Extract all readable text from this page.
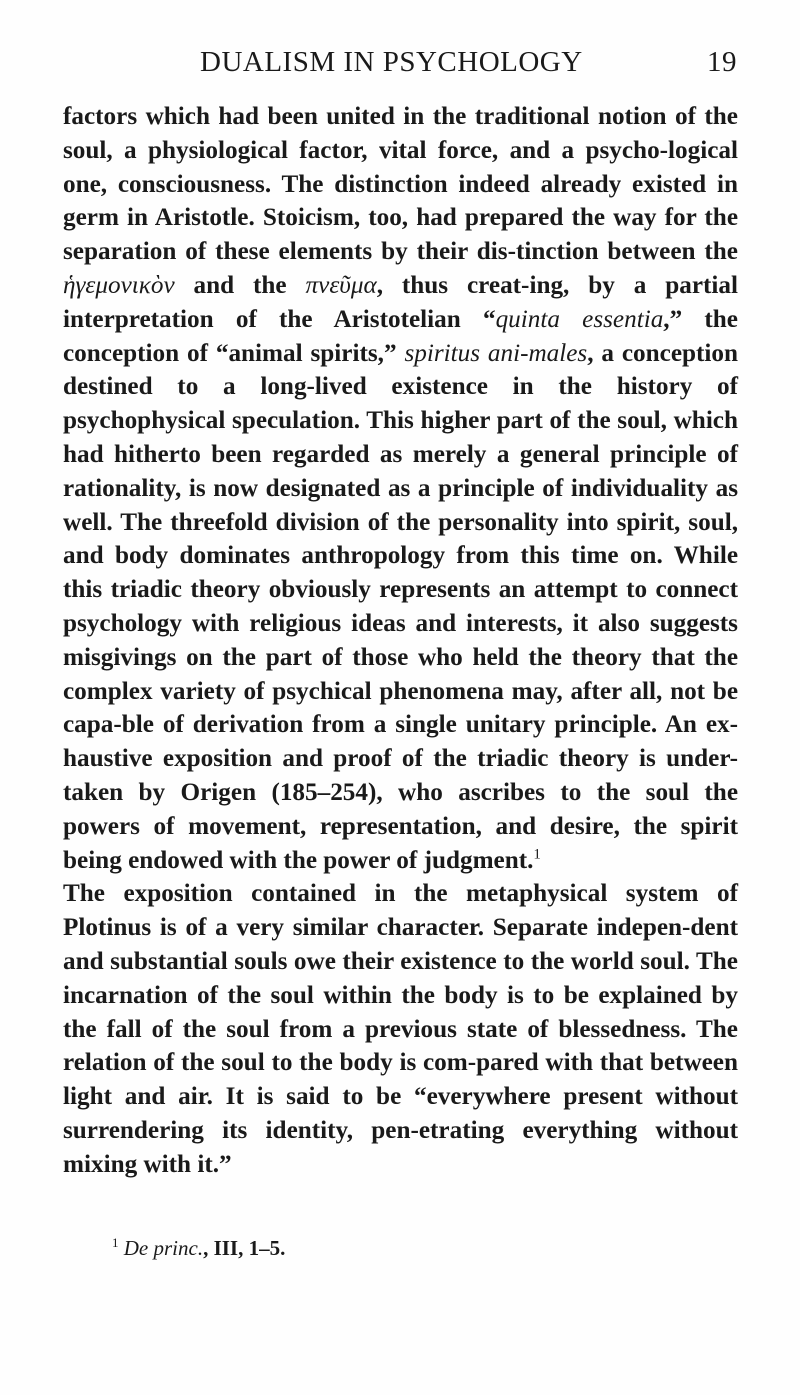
DUALISM IN PSYCHOLOGY	19

factors which had been united in the traditional notion of the soul, a physiological factor, vital force, and a psycho-logical one, consciousness. The distinction indeed already existed in germ in Aristotle. Stoicism, too, had prepared the way for the separation of these elements by their dis-tinction between the ἡγεμονικὸν and the πνεῦμα, thus creat-ing, by a partial interpretation of the Aristotelian “quinta essentia,” the conception of “animal spirits,” spiritus ani-males, a conception destined to a long-lived existence in the history of psychophysical speculation. This higher part of the soul, which had hitherto been regarded as merely a general principle of rationality, is now designated as a principle of individuality as well. The threefold division of the personality into spirit, soul, and body dominates anthropology from this time on. While this triadic theory obviously represents an attempt to connect psychology with religious ideas and interests, it also suggests misgivings on the part of those who held the theory that the complex variety of psychical phenomena may, after all, not be capa-ble of derivation from a single unitary principle. An ex-haustive exposition and proof of the triadic theory is under-taken by Origen (185–254), who ascribes to the soul the powers of movement, representation, and desire, the spirit being endowed with the power of judgment.$^1$

The exposition contained in the metaphysical system of Plotinus is of a very similar character. Separate indepen-dent and substantial souls owe their existence to the world soul. The incarnation of the soul within the body is to be explained by the fall of the soul from a previous state of blessedness. The relation of the soul to the body is com-pared with that between light and air. It is said to be “everywhere present without surrendering its identity, pen-etrating everything without mixing with it.”

$^1$ De princ., III, 1–5.
